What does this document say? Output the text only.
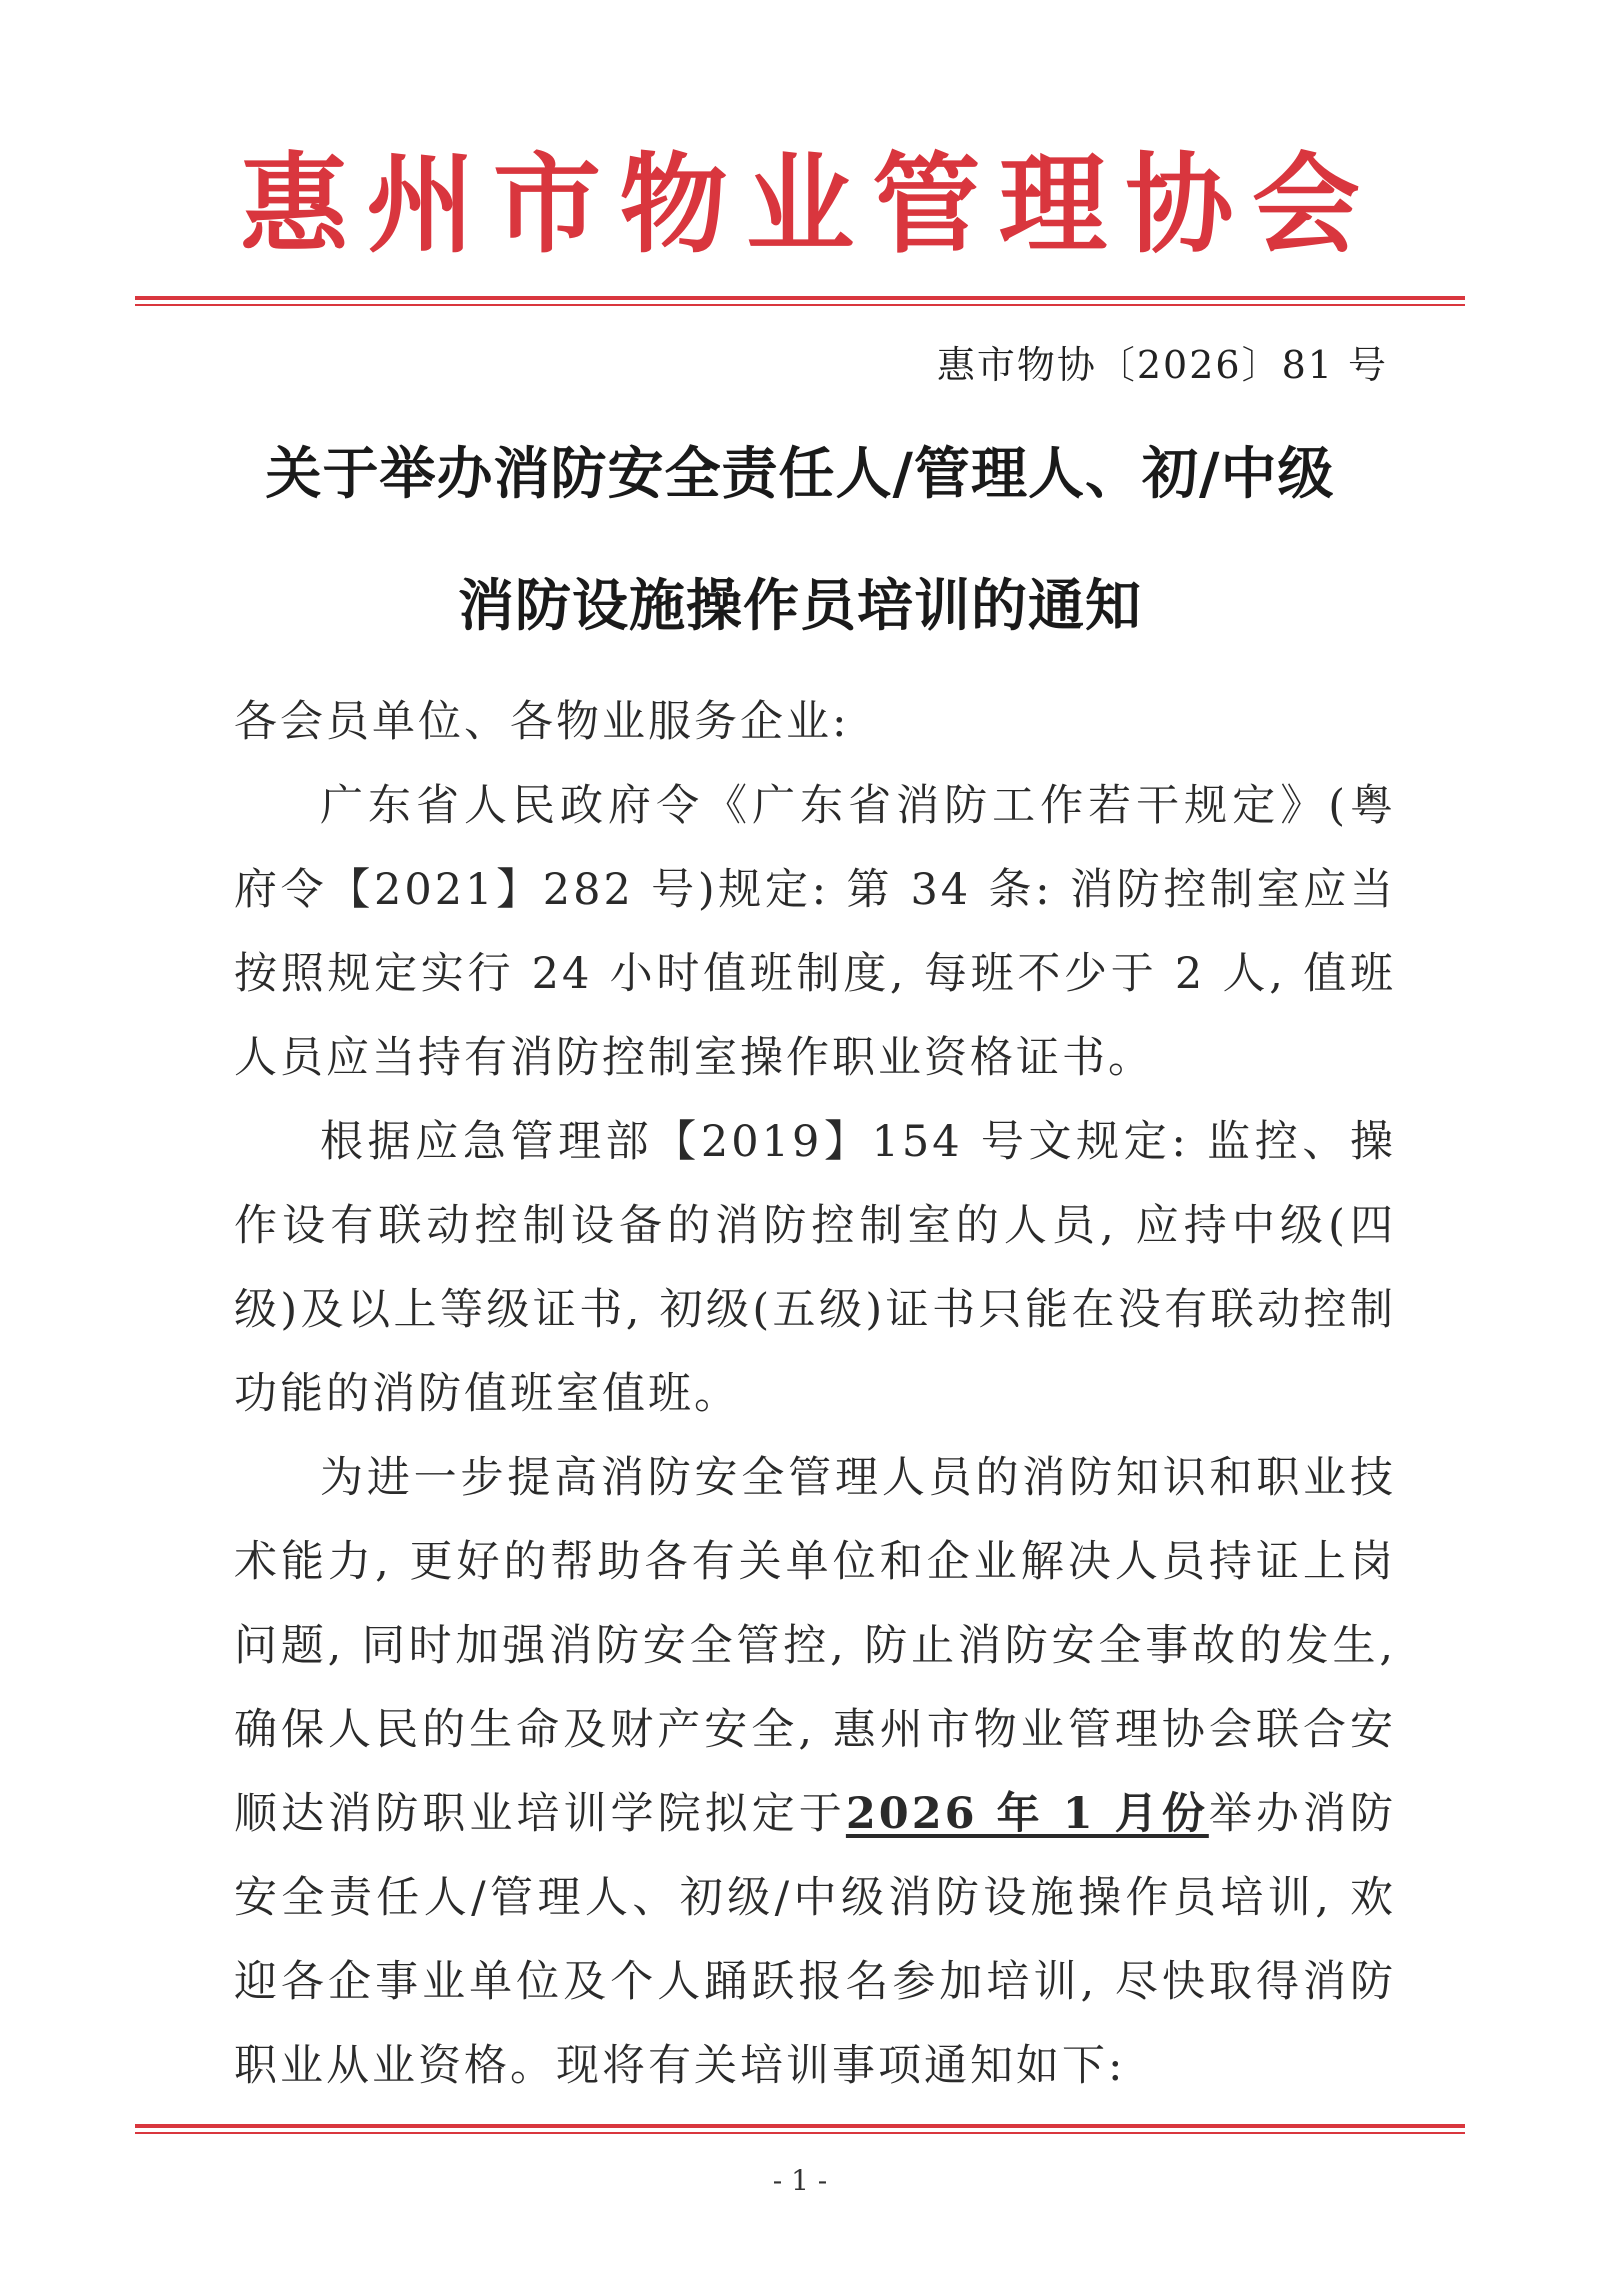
惠 州 市 物 业 管 理 协 会
惠市物协〔2026〕81 号
关于举办消防安全责任人/管理人、初/中级
消防设施操作员培训的通知

各会员单位、各物业服务企业:

广东省人民政府令《广东省消防工作若干规定》(粤府令【2021】282 号)规定: 第 34 条: 消防控制室应当按照规定实行 24 小时值班制度, 每班不少于 2 人, 值班人员应当持有消防控制室操作职业资格证书。

根据应急管理部【2019】154 号文规定: 监控、操作设有联动控制设备的消防控制室的人员, 应持中级(四级)及以上等级证书, 初级(五级)证书只能在没有联动控制功能的消防值班室值班。

为进一步提高消防安全管理人员的消防知识和职业技术能力, 更好的帮助各有关单位和企业解决人员持证上岗问题, 同时加强消防安全管控, 防止消防安全事故的发生, 确保人民的生命及财产安全, 惠州市物业管理协会联合安顺达消防职业培训学院拟定于2026 年 1 月份举办消防安全责任人/管理人、初级/中级消防设施操作员培训, 欢迎各企事业单位及个人踊跃报名参加培训, 尽快取得消防职业从业资格。现将有关培训事项通知如下:

- 1 -
